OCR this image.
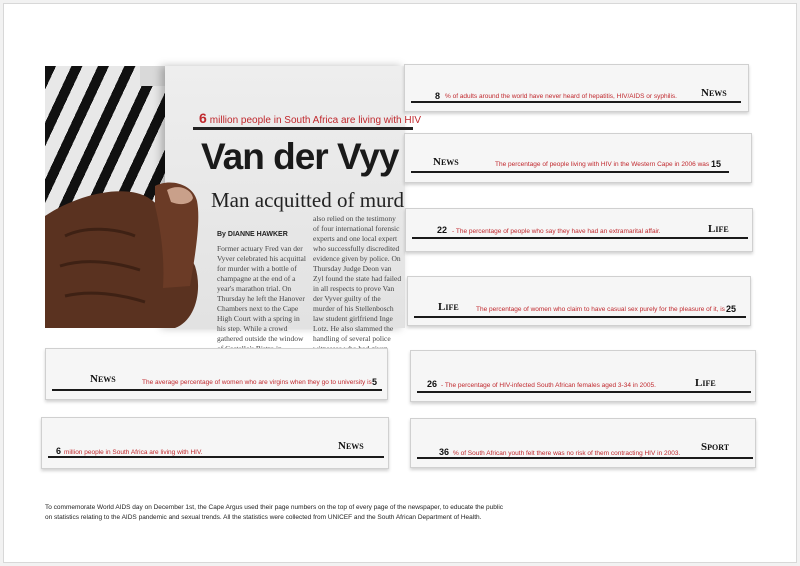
6 million people in South Africa are living with HIV
Van der Vyy
Man acquitted of murd
By DIANNE HAWKER
Former actuary Fred van der Vyver celebrated his acquittal for murder with a bottle of champagne at the end of a year's marathon trial. On Thursday he left the Hanover Chambers next to the Cape High Court with a spring in his step. While a crowd gathered outside the window
also relied on the testimony of four international forensic experts and one local expert who successfully discredited evidence given by police. On Thursday Judge Deon van Zyl found the state had failed in all respects to prove Van der Vyver guilty of the murder of his Stellenbosch law student girlfriend Inge Lotz. He also slammed the handling of several police
8 % of adults around the world have never heard of hepatitis, HIV/AIDS or syphilis. News
News	The percentage of people living with HIV in the Western Cape in 2006 was 15
22 - The percentage of people who say they have had an extramarital affair.	Life
Life	The percentage of women who claim to have casual sex purely for the pleasure of it, is 25
News	The average percentage of women who are virgins when they go to university is 5	26 - The percentage of HIV-infected South African females aged 3-34 in 2005.	Life
6 million people in South Africa are living with HIV.
News	36 % of South African youth felt there was no risk of them contracting HIV in 2003.
Sport
To commemorate World AIDS day on December 1st, the Cape Argus used their page numbers on the top of every page of the newspaper, to educate the public
on statistics relating to the AIDS pandemic and sexual trends. All the statistics were collected from UNICEF and the South African Department of Health.
